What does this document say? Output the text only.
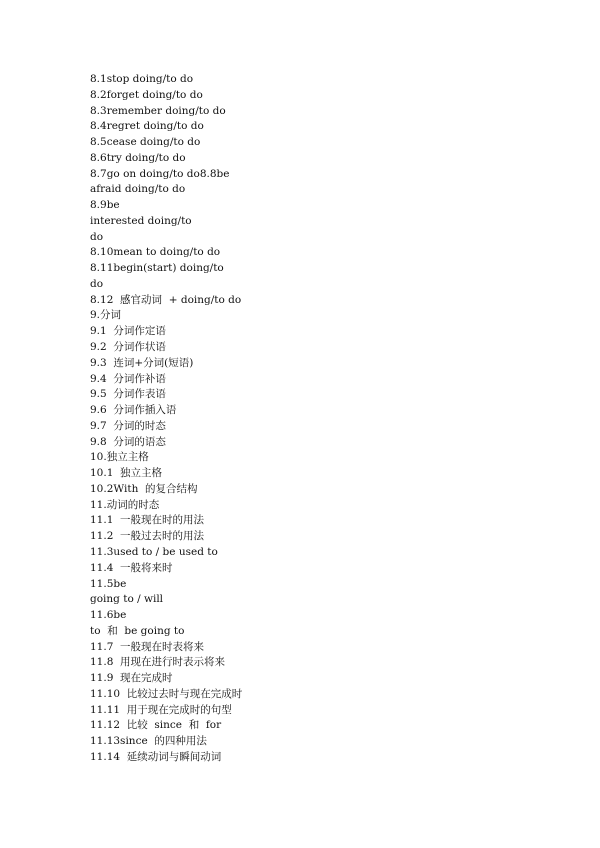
8.1stop doing/to do
8.2forget doing/to do
8.3remember doing/to do
8.4regret doing/to do
8.5cease doing/to do
8.6try doing/to do
8.7go on doing/to do8.8be
afraid doing/to do
8.9be
interested doing/to
do
8.10mean to doing/to do
8.11begin(start) doing/to
do
8.12  感官动词  + doing/to do
9.分词
9.1  分词作定语
9.2  分词作状语
9.3  连词+分词(短语)
9.4  分词作补语
9.5  分词作表语
9.6  分词作插入语
9.7  分词的时态
9.8  分词的语态
10.独立主格
10.1  独立主格
10.2With  的复合结构
11.动词的时态
11.1  一般现在时的用法
11.2  一般过去时的用法
11.3used to / be used to
11.4  一般将来时
11.5be
going to / will
11.6be
to  和  be going to
11.7  一般现在时表将来
11.8  用现在进行时表示将来
11.9  现在完成时
11.10  比较过去时与现在完成时
11.11  用于现在完成时的句型
11.12  比较  since  和  for
11.13since  的四种用法
11.14  延续动词与瞬间动词
